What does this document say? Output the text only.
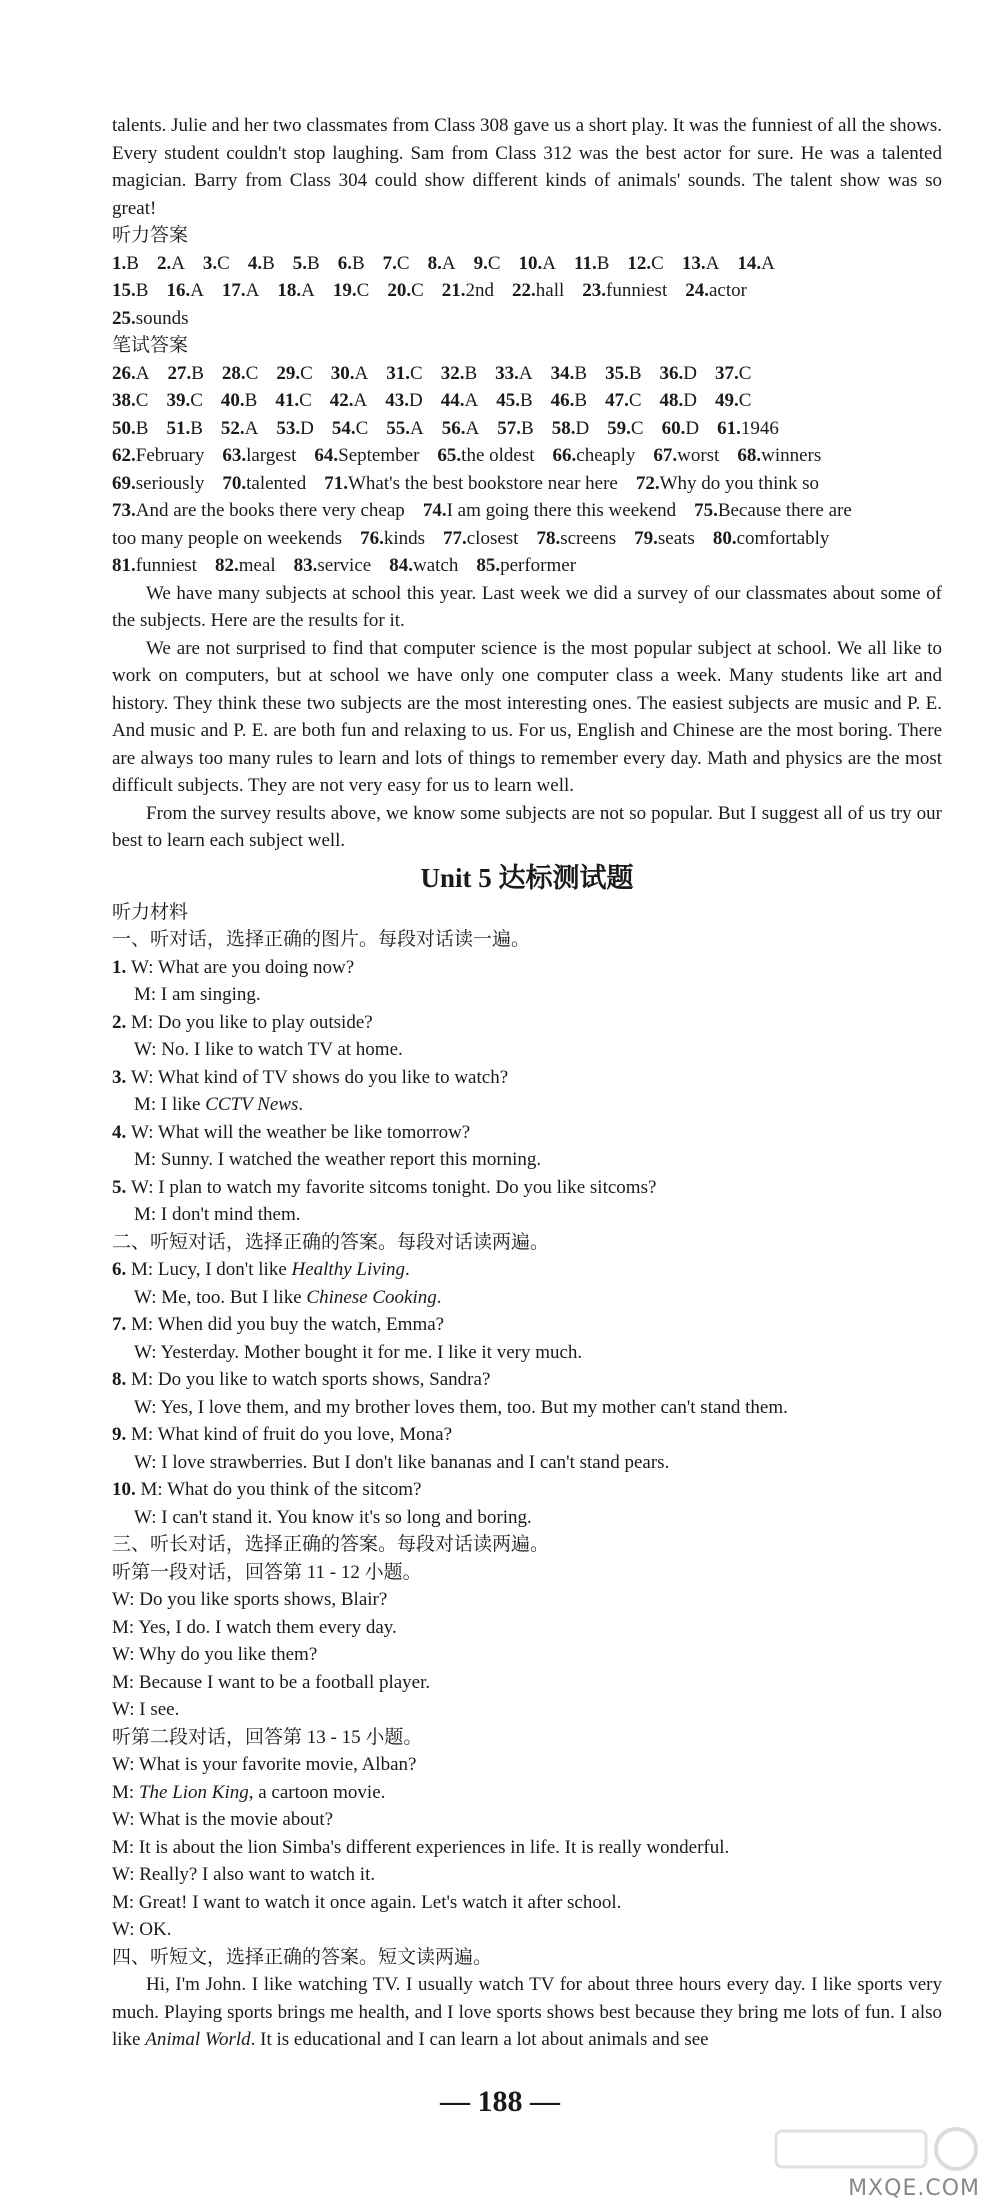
talents. Julie and her two classmates from Class 308 gave us a short play. It was the funniest of all the shows. Every student couldn't stop laughing. Sam from Class 312 was the best actor for sure. He was a talented magician. Barry from Class 304 could show different kinds of animals' sounds. The talent show was so great!

听力答案

1.B 2.A 3.C 4.B 5.B 6.B 7.C 8.A 9.C 10.A 11.B 12.C 13.A 14.A

15.B 16.A 17.A 18.A 19.C 20.C 21.2nd 22.hall 23.funniest 24.actor

25.sounds

笔试答案

26.A 27.B 28.C 29.C 30.A 31.C 32.B 33.A 34.B 35.B 36.D 37.C

38.C 39.C 40.B 41.C 42.A 43.D 44.A 45.B 46.B 47.C 48.D 49.C

50.B 51.B 52.A 53.D 54.C 55.A 56.A 57.B 58.D 59.C 60.D 61.1946

62.February 63.largest 64.September 65.the oldest 66.cheaply 67.worst 68.winners

69.seriously 70.talented 71.What's the best bookstore near here 72.Why do you think so

73.And are the books there very cheap 74.I am going there this weekend 75.Because there are

too many people on weekends 76.kinds 77.closest 78.screens 79.seats 80.comfortably

81.funniest 82.meal 83.service 84.watch 85.performer

We have many subjects at school this year. Last week we did a survey of our classmates about some of the subjects. Here are the results for it.

We are not surprised to find that computer science is the most popular subject at school. We all like to work on computers, but at school we have only one computer class a week. Many students like art and history. They think these two subjects are the most interesting ones. The easiest subjects are music and P. E. And music and P. E. are both fun and relaxing to us. For us, English and Chinese are the most boring. There are always too many rules to learn and lots of things to remember every day. Math and physics are the most difficult subjects. They are not very easy for us to learn well.

From the survey results above, we know some subjects are not so popular. But I suggest all of us try our best to learn each subject well.

Unit 5 达标测试题

听力材料

一、听对话，选择正确的图片。每段对话读一遍。

1. W: What are you doing now?

M: I am singing.

2. M: Do you like to play outside?

W: No. I like to watch TV at home.

3. W: What kind of TV shows do you like to watch?

M: I like CCTV News.

4. W: What will the weather be like tomorrow?

M: Sunny. I watched the weather report this morning.

5. W: I plan to watch my favorite sitcoms tonight. Do you like sitcoms?

M: I don't mind them.

二、听短对话，选择正确的答案。每段对话读两遍。

6. M: Lucy, I don't like Healthy Living.

W: Me, too. But I like Chinese Cooking.

7. M: When did you buy the watch, Emma?

W: Yesterday. Mother bought it for me. I like it very much.

8. M: Do you like to watch sports shows, Sandra?

W: Yes, I love them, and my brother loves them, too. But my mother can't stand them.

9. M: What kind of fruit do you love, Mona?

W: I love strawberries. But I don't like bananas and I can't stand pears.

10. M: What do you think of the sitcom?

W: I can't stand it. You know it's so long and boring.

三、听长对话，选择正确的答案。每段对话读两遍。

听第一段对话，回答第 11 - 12 小题。

W: Do you like sports shows, Blair?

M: Yes, I do. I watch them every day.

W: Why do you like them?

M: Because I want to be a football player.

W: I see.

听第二段对话，回答第 13 - 15 小题。

W: What is your favorite movie, Alban?

M: The Lion King, a cartoon movie.

W: What is the movie about?

M: It is about the lion Simba's different experiences in life. It is really wonderful.

W: Really? I also want to watch it.

M: Great! I want to watch it once again. Let's watch it after school.

W: OK.

四、听短文，选择正确的答案。短文读两遍。

Hi, I'm John. I like watching TV. I usually watch TV for about three hours every day. I like sports very much. Playing sports brings me health, and I love sports shows best because they bring me lots of fun. I also like Animal World. It is educational and I can learn a lot about animals and see

— 188 —
MXQE.COM
